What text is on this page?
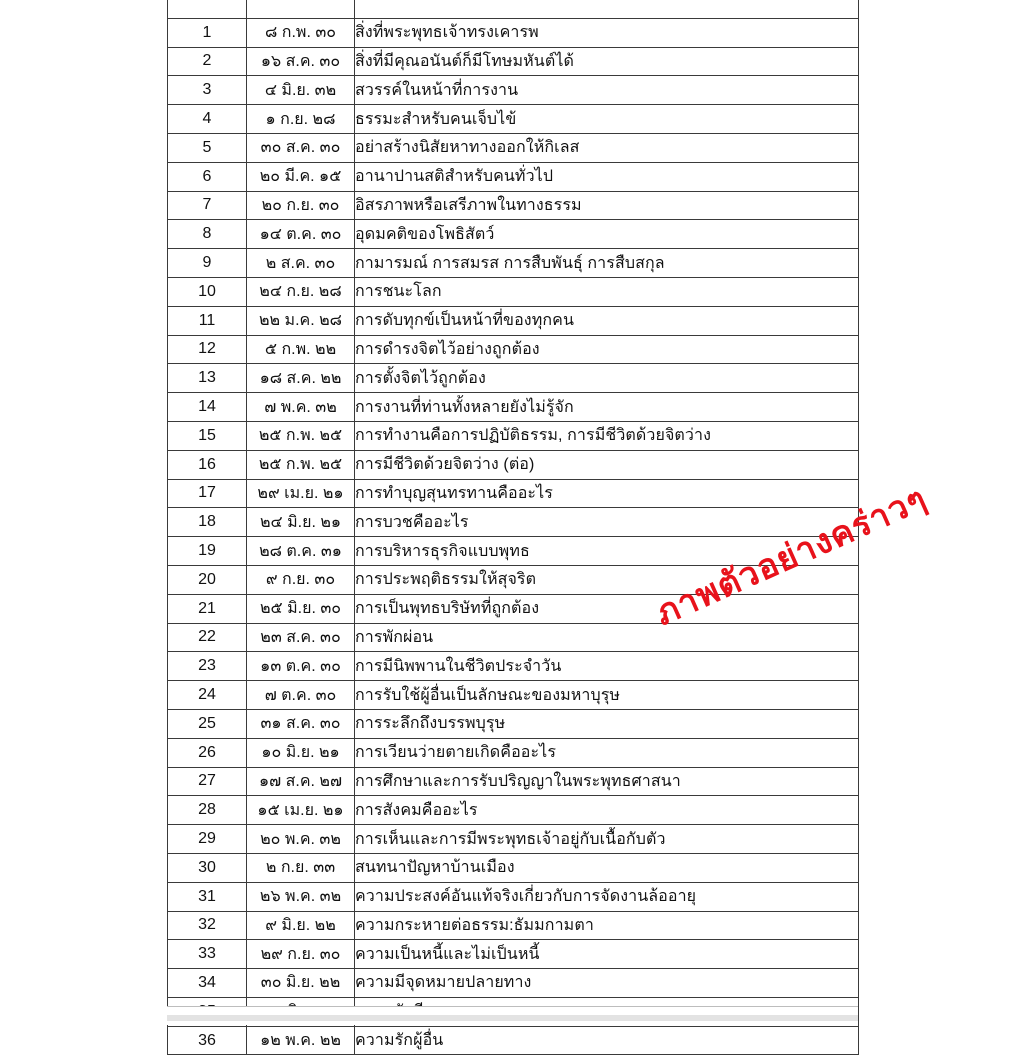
1	๘ ก.พ. ๓๐	สิ่งที่พระพุทธเจ้าทรงเคารพ
2	๑๖ ส.ค. ๓๐	สิ่งที่มีคุณอนันต์ก็มีโทษมหันต์ได้
3	๔ มิ.ย. ๓๒	สวรรค์ในหน้าที่การงาน
4	๑ ก.ย. ๒๘	ธรรมะสำหรับคนเจ็บไข้
5	๓๐ ส.ค. ๓๐	อย่าสร้างนิสัยหาทางออกให้กิเลส
6	๒๐ มี.ค. ๑๕	อานาปานสติสำหรับคนทั่วไป
7	๒๐ ก.ย. ๓๐	อิสรภาพหรือเสรีภาพในทางธรรม
8	๑๔ ต.ค. ๓๐	อุดมคติของโพธิสัตว์
9	๒ ส.ค. ๓๐	กามารมณ์ การสมรส การสืบพันธุ์ การสืบสกุล
10	๒๔ ก.ย. ๒๘	การชนะโลก
11	๒๒ ม.ค. ๒๘	การดับทุกข์เป็นหน้าที่ของทุกคน
12	๕ ก.พ. ๒๒	การดำรงจิตไว้อย่างถูกต้อง
13	๑๘ ส.ค. ๒๒	การตั้งจิตไว้ถูกต้อง
14	๗ พ.ค. ๓๒	การงานที่ท่านทั้งหลายยังไม่รู้จัก
15	๒๕ ก.พ. ๒๕	การทำงานคือการปฏิบัติธรรม, การมีชีวิตด้วยจิตว่าง
16	๒๕ ก.พ. ๒๕	การมีชีวิตด้วยจิตว่าง (ต่อ)
17	๒๙ เม.ย. ๒๑	การทำบุญสุนทรทานคืออะไร
18	๒๔ มิ.ย. ๒๑	การบวชคืออะไร
19	๒๘ ต.ค. ๓๑	การบริหารธุรกิจแบบพุทธ
20	๙ ก.ย. ๓๐	การประพฤติธรรมให้สุจริต
21	๒๕ มิ.ย. ๓๐	การเป็นพุทธบริษัทที่ถูกต้อง
22	๒๓ ส.ค. ๓๐	การพักผ่อน
23	๑๓ ต.ค. ๓๐	การมีนิพพานในชีวิตประจำวัน
24	๗ ต.ค. ๓๐	การรับใช้ผู้อื่นเป็นลักษณะของมหาบุรุษ
25	๓๑ ส.ค. ๓๐	การระลึกถึงบรรพบุรุษ
26	๑๐ มิ.ย. ๒๑	การเวียนว่ายตายเกิดคืออะไร
27	๑๗ ส.ค. ๒๗	การศึกษาและการรับปริญญาในพระพุทธศาสนา
28	๑๕ เม.ย. ๒๑	การสังคมคืออะไร
29	๒๐ พ.ค. ๓๒	การเห็นและการมีพระพุทธเจ้าอยู่กับเนื้อกับตัว
30	๒ ก.ย. ๓๓	สนทนาปัญหาบ้านเมือง
31	๒๖ พ.ค. ๓๒	ความประสงค์อันแท้จริงเกี่ยวกับการจัดงานล้ออายุ
32	๙ มิ.ย. ๒๒	ความกระหายต่อธรรม:ธัมมกามตา
33	๒๙ ก.ย. ๓๐	ความเป็นหนี้และไม่เป็นหนี้
34	๓๐ มิ.ย. ๒๒	ความมีจุดหมายปลายทาง

36	๑๒ พ.ค. ๒๒	ความรักผู้อื่น
ภาพตัวอย่างคร่าวๆ
